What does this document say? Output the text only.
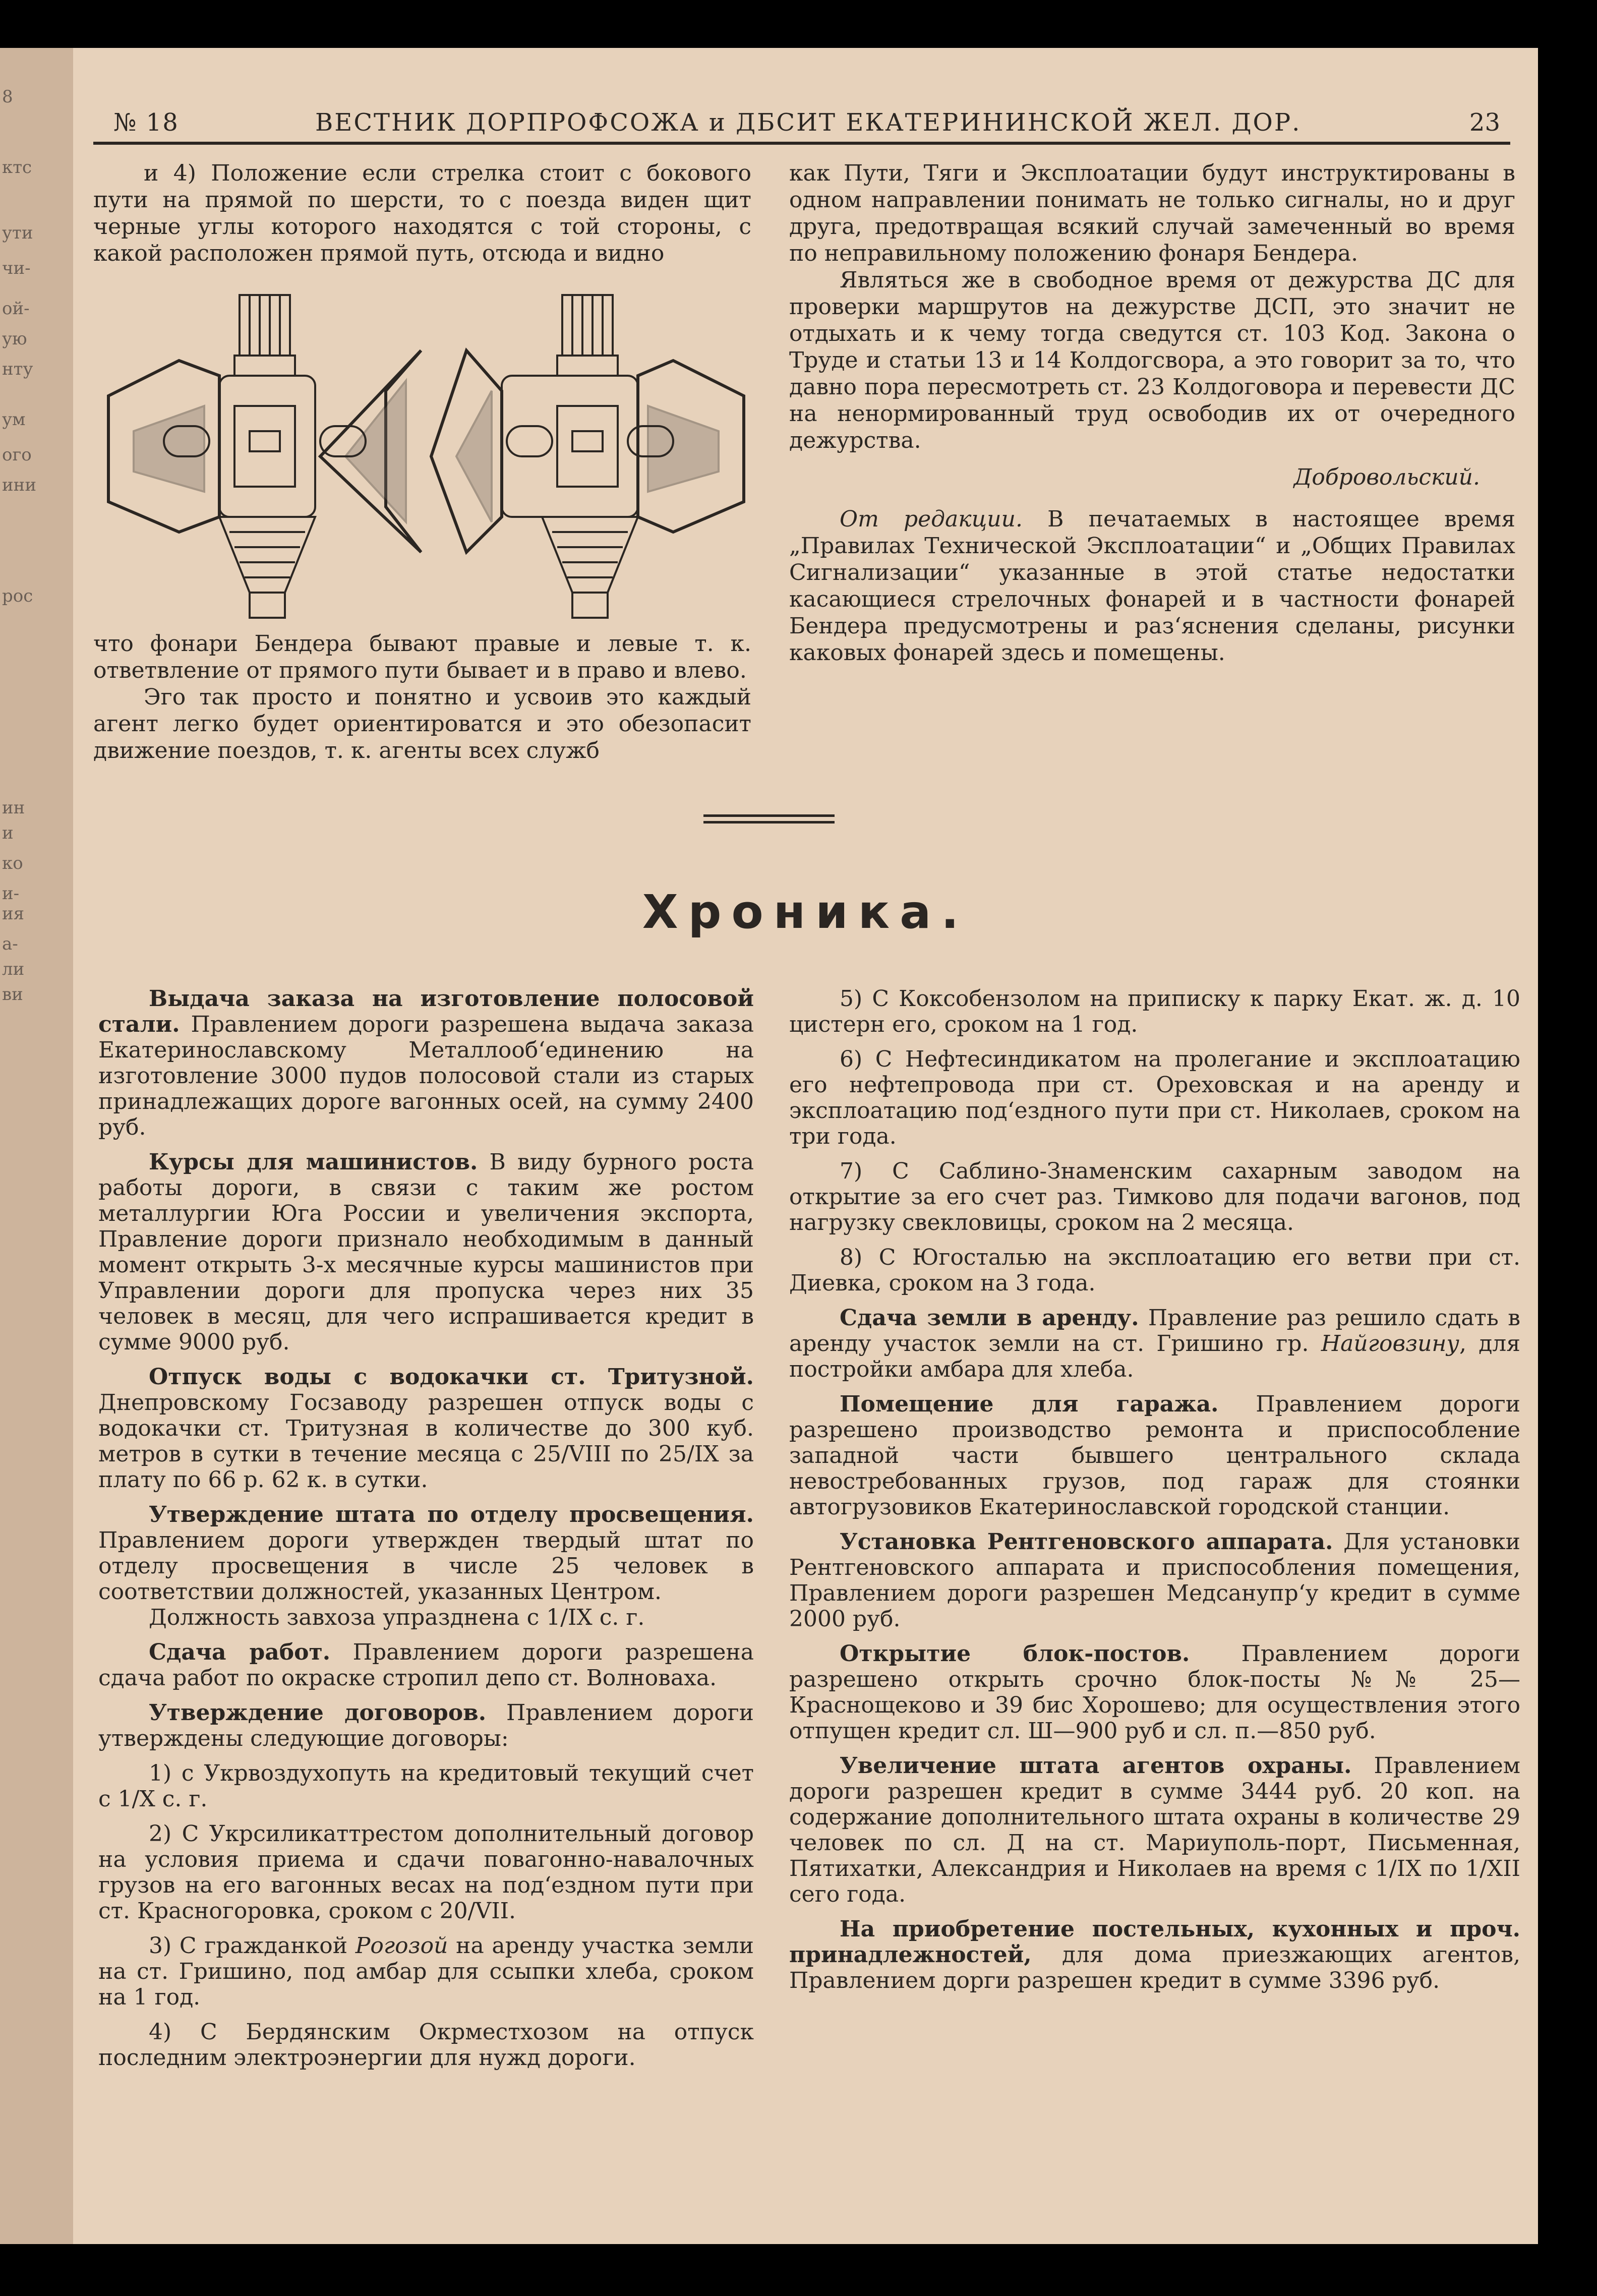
8
ктс
ути
чи-
ой-
ую
нту
ум
ого
ини
рос
ин
и
ко
и-
ия
а-
ли
ви
№ 18	ВЕСТНИК ДОРПРОФСОЖА и ДБСИТ ЕКАТЕРИНИНСКОЙ ЖЕЛ. ДОР.	23

и 4) Положение если стрелка стоит с бокового пути на прямой по шерсти, то с поезда виден щит черные углы которого находятся с той стороны, с какой расположен прямой путь, отсюда и видно

что фонари Бендера бывают правые и левые т. к. ответвление от прямого пути бывает и в право и влево.

Эго так просто и понятно и усвоив это каждый агент легко будет ориентироватся и это обезопасит движение поездов, т. к. агенты всех служб

как Пути, Тяги и Эксплоатации будут инструктированы в одном направлении понимать не только сигналы, но и друг друга, предотвращая всякий случай замеченный во время по неправильному положению фонаря Бендера.

Являться же в свободное время от дежурства ДС для проверки маршрутов на дежурстве ДСП, это значит не отдыхать и к чему тогда сведутся ст. 103 Код. Закона о Труде и статьи 13 и 14 Колдогсвора, а это говорит за то, что давно пора пересмотреть ст. 23 Колдоговора и перевести ДС на ненормированный труд освободив их от очередного дежурства.

Добровольский.

От редакции. В печатаемых в настоящее время „Правилах Технической Эксплоатации“ и „Общих Правилах Сигнализации“ указанные в этой статье недостатки касающиеся стрелочных фонарей и в частности фонарей Бендера предусмотрены и раз‘яснения сделаны, рисунки каковых фонарей здесь и помещены.

Хроника.

Выдача заказа на изготовление полосовой стали. Правлением дороги разрешена выдача заказа Екатеринославскому Металлооб‘единению на изготовление 3000 пудов полосовой стали из старых принадлежащих дороге вагонных осей, на сумму 2400 руб.

Курсы для машинистов. В виду бурного роста работы дороги, в связи с таким же ростом металлургии Юга России и увеличения экспорта, Правление дороги признало необходимым в данный момент открыть 3-х месячные курсы машинистов при Управлении дороги для пропуска через них 35 человек в месяц, для чего испрашивается кредит в сумме 9000 руб.

Отпуск воды с водокачки ст. Тритузной. Днепровскому Госзаводу разрешен отпуск воды с водокачки ст. Тритузная в количестве до 300 куб. метров в сутки в течение месяца с 25/VIII по 25/IX за плату по 66 р. 62 к. в сутки.

Утверждение штата по отделу просвещения. Правлением дороги утвержден твердый штат по отделу просвещения в числе 25 человек в соответствии должностей, указанных Центром.

Должность завхоза упразднена с 1/IX с. г.

Сдача работ. Правлением дороги разрешена сдача работ по окраске стропил депо ст. Волноваха.

Утверждение договоров. Правлением дороги утверждены следующие договоры:

1) с Укрвоздухопуть на кредитовый текущий счет с 1/Х с. г.

2) С Укрсиликаттрестом дополнительный договор на условия приема и сдачи повагонно-навалочных грузов на его вагонных весах на под‘ездном пути при ст. Красногоровка, сроком с 20/VII.

3) С гражданкой Рогозой на аренду участка земли на ст. Гришино, под амбар для ссыпки хлеба, сроком на 1 год.

4) С Бердянским Окрместхозом на отпуск последним электроэнергии для нужд дороги.

5) С Коксобензолом на приписку к парку Екат. ж. д. 10 цистерн его, сроком на 1 год.

6) С Нефтесиндикатом на пролегание и эксплоатацию его нефтепровода при ст. Ореховская и на аренду и эксплоатацию под‘ездного пути при ст. Николаев, сроком на три года.

7) С Саблино-Знаменским сахарным заводом на открытие за его счет раз. Тимково для подачи вагонов, под нагрузку свекловицы, сроком на 2 месяца.

8) С Югосталью на эксплоатацию его ветви при ст. Диевка, сроком на 3 года.

Сдача земли в аренду. Правление раз решило сдать в аренду участок земли на ст. Гришино гр. Найговзину, для постройки амбара для хлеба.

Помещение для гаража. Правлением дороги разрешено производство ремонта и приспособление западной части бывшего центрального склада невостребованных грузов, под гараж для стоянки автогрузовиков Екатеринославской городской станции.

Установка Рентгеновского аппарата. Для установки Рентгеновского аппарата и приспособления помещения, Правлением дороги разрешен Медсанупр‘у кредит в сумме 2000 руб.

Открытие блок-постов. Правлением дороги разрешено открыть срочно блок-посты №№ 25—Краснощеково и 39 бис Хорошево; для осуществления этого отпущен кредит сл. Ш—900 руб и сл. п.—850 руб.

Увеличение штата агентов охраны. Правлением дороги разрешен кредит в сумме 3444 руб. 20 коп. на содержание дополнительного штата охраны в количестве 29 человек по сл. Д на ст. Мариуполь-порт, Письменная, Пятихатки, Александрия и Николаев на время с 1/IX по 1/XII сего года.

На приобретение постельных, кухонных и проч. принадлежностей, для дома приезжающих агентов, Правлением дорги разрешен кредит в сумме 3396 руб.
